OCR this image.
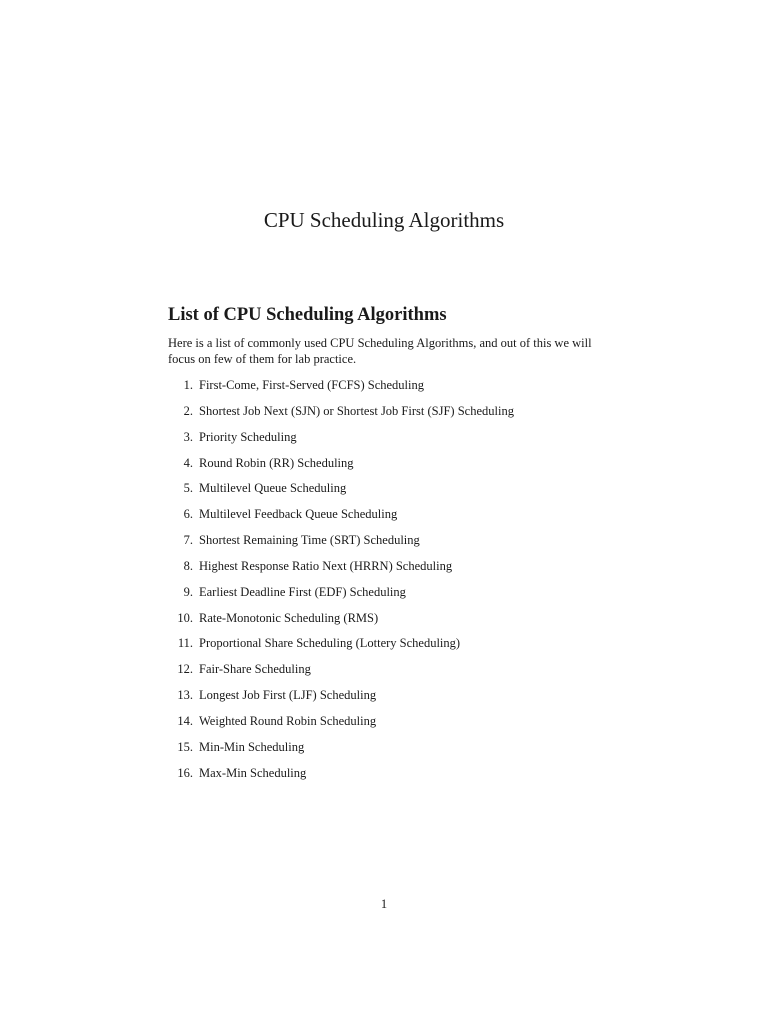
CPU Scheduling Algorithms
List of CPU Scheduling Algorithms

Here is a list of commonly used CPU Scheduling Algorithms, and out of this we will focus on few of them for lab practice.

1. First-Come, First-Served (FCFS) Scheduling
2. Shortest Job Next (SJN) or Shortest Job First (SJF) Scheduling
3. Priority Scheduling
4. Round Robin (RR) Scheduling
5. Multilevel Queue Scheduling
6. Multilevel Feedback Queue Scheduling
7. Shortest Remaining Time (SRT) Scheduling
8. Highest Response Ratio Next (HRRN) Scheduling
9. Earliest Deadline First (EDF) Scheduling
10. Rate-Monotonic Scheduling (RMS)
11. Proportional Share Scheduling (Lottery Scheduling)
12. Fair-Share Scheduling
13. Longest Job First (LJF) Scheduling
14. Weighted Round Robin Scheduling
15. Min-Min Scheduling
16. Max-Min Scheduling

1
